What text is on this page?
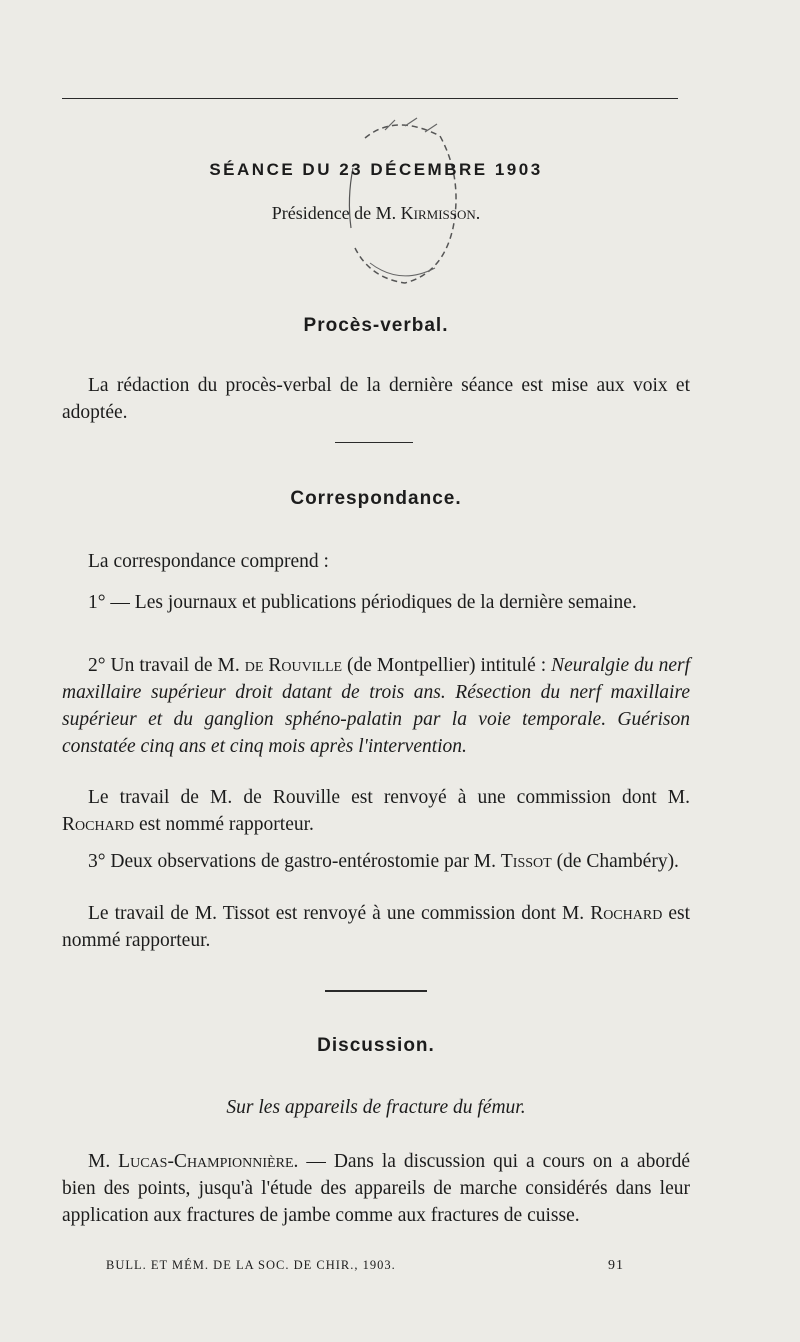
SÉANCE DU 23 DÉCEMBRE 1903
Présidence de M. Kirmisson.
Procès-verbal.

La rédaction du procès-verbal de la dernière séance est mise aux voix et adoptée.

Correspondance.

La correspondance comprend :

1° — Les journaux et publications périodiques de la dernière semaine.

2° Un travail de M. de Rouville (de Montpellier) intitulé : Neuralgie du nerf maxillaire supérieur droit datant de trois ans. Résection du nerf maxillaire supérieur et du ganglion sphéno-palatin par la voie temporale. Guérison constatée cinq ans et cinq mois après l'intervention.

Le travail de M. de Rouville est renvoyé à une commission dont M. Rochard est nommé rapporteur.

3° Deux observations de gastro-entérostomie par M. Tissot (de Chambéry).

Le travail de M. Tissot est renvoyé à une commission dont M. Rochard est nommé rapporteur.

Discussion.
Sur les appareils de fracture du fémur.

M. Lucas-Championnière. — Dans la discussion qui a cours on a abordé bien des points, jusqu'à l'étude des appareils de marche considérés dans leur application aux fractures de jambe comme aux fractures de cuisse.

BULL. ET MÉM. DE LA SOC. DE CHIR., 1903.	91
